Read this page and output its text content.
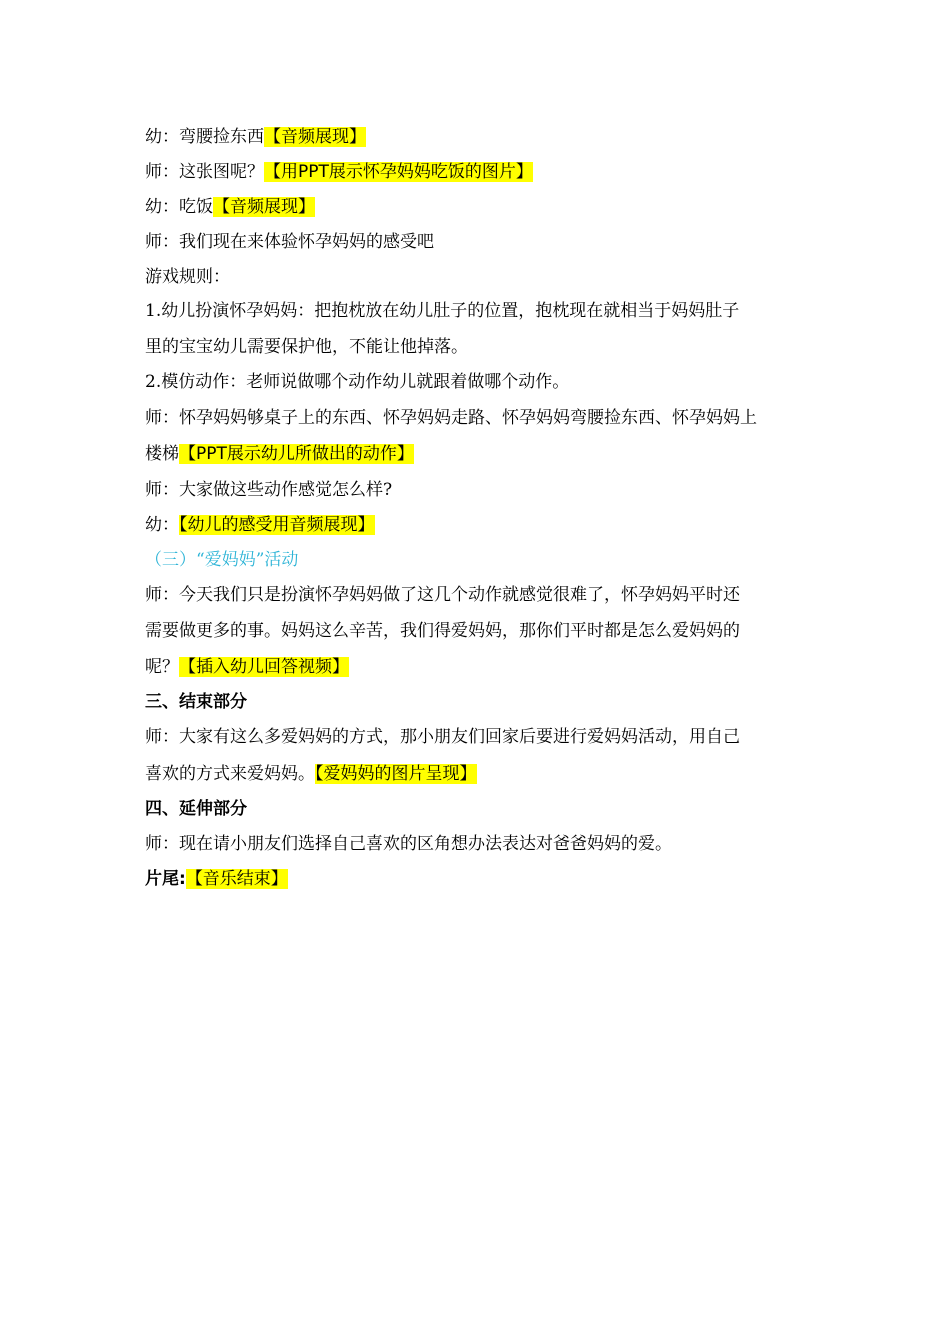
幼：弯腰捡东西【音频展现】
师：这张图呢？【用PPT展示怀孕妈妈吃饭的图片】
幼：吃饭【音频展现】
师：我们现在来体验怀孕妈妈的感受吧
游戏规则：
1.幼儿扮演怀孕妈妈：把抱枕放在幼儿肚子的位置，抱枕现在就相当于妈妈肚子
里的宝宝幼儿需要保护他，不能让他掉落。
2.模仿动作：老师说做哪个动作幼儿就跟着做哪个动作。
师：怀孕妈妈够桌子上的东西、怀孕妈妈走路、怀孕妈妈弯腰捡东西、怀孕妈妈上
楼梯【PPT展示幼儿所做出的动作】
师：大家做这些动作感觉怎么样?
幼：【幼儿的感受用音频展现】
（三）“爱妈妈”活动
师：今天我们只是扮演怀孕妈妈做了这几个动作就感觉很难了，怀孕妈妈平时还
需要做更多的事。妈妈这么辛苦，我们得爱妈妈，那你们平时都是怎么爱妈妈的
呢？【插入幼儿回答视频】
三、结束部分
师：大家有这么多爱妈妈的方式，那小朋友们回家后要进行爱妈妈活动，用自己
喜欢的方式来爱妈妈。【爱妈妈的图片呈现】
四、延伸部分
师：现在请小朋友们选择自己喜欢的区角想办法表达对爸爸妈妈的爱。
片尾:【音乐结束】
